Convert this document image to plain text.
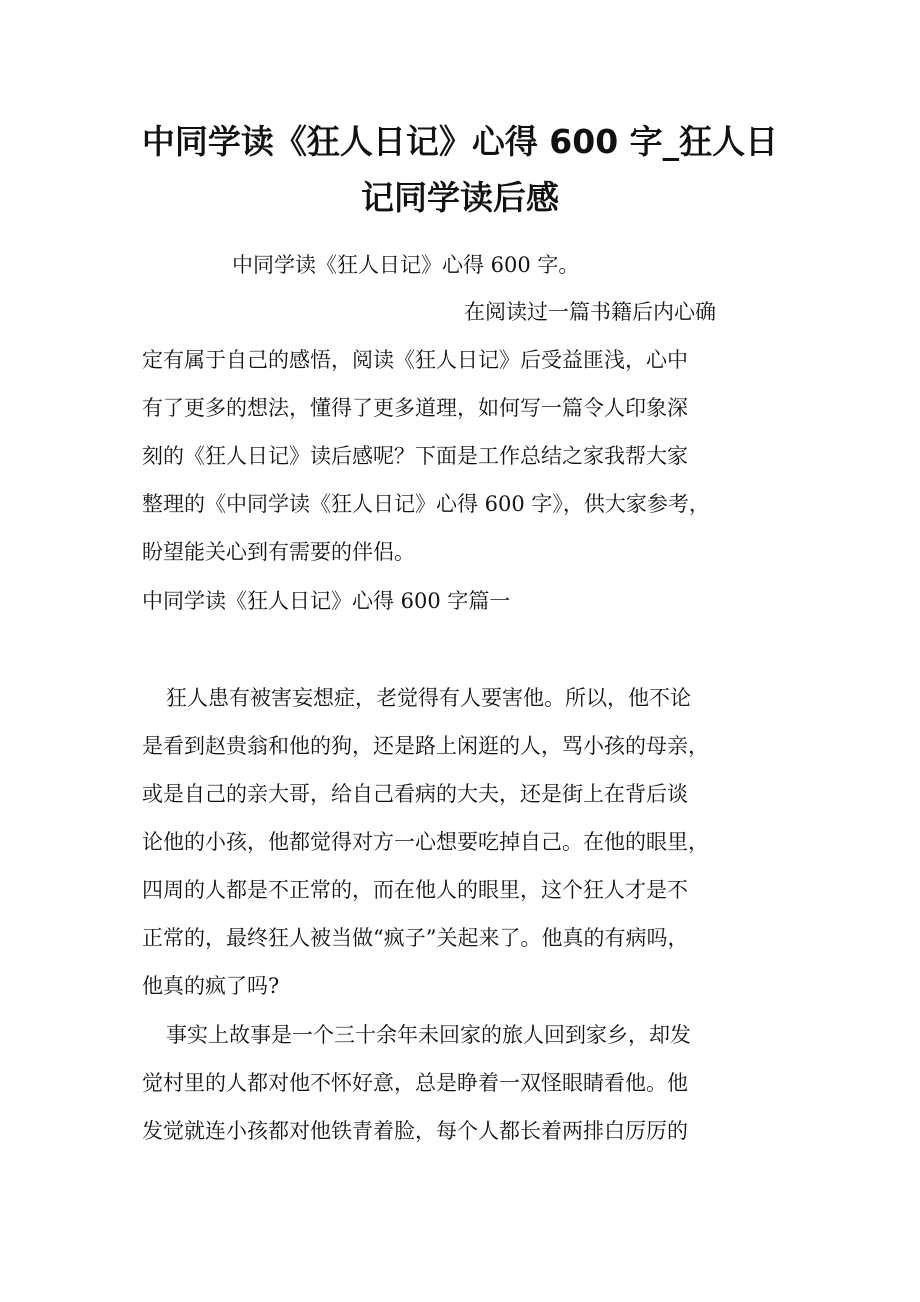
中同学读《狂人日记》心得 600 字_狂人日
记同学读后感

中同学读《狂人日记》心得 600 字。

在阅读过一篇书籍后内心确
定有属于自己的感悟，阅读《狂人日记》后受益匪浅，心中
有了更多的想法，懂得了更多道理，如何写一篇令人印象深
刻的《狂人日记》读后感呢？下面是工作总结之家我帮大家
整理的《中同学读《狂人日记》心得 600 字》，供大家参考，
盼望能关心到有需要的伴侣。

中同学读《狂人日记》心得 600 字篇一

狂人患有被害妄想症，老觉得有人要害他。所以，他不论
是看到赵贵翁和他的狗，还是路上闲逛的人，骂小孩的母亲，
或是自己的亲大哥，给自己看病的大夫，还是街上在背后谈
论他的小孩，他都觉得对方一心想要吃掉自己。在他的眼里，
四周的人都是不正常的，而在他人的眼里，这个狂人才是不
正常的，最终狂人被当做“疯子”关起来了。他真的有病吗，
他真的疯了吗?
事实上故事是一个三十余年未回家的旅人回到家乡，却发
觉村里的人都对他不怀好意，总是睁着一双怪眼睛看他。他
发觉就连小孩都对他铁青着脸，每个人都长着两排白厉厉的
